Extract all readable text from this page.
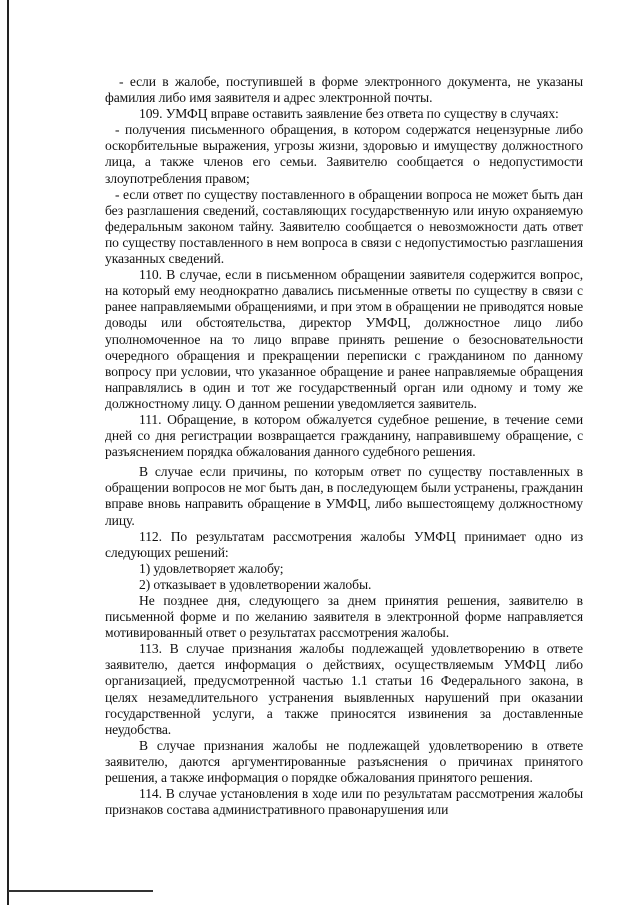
- если в жалобе, поступившей в форме электронного документа, не указаны фамилия либо имя заявителя и адрес электронной почты.

109. УМФЦ вправе оставить заявление без ответа по существу в случаях:

- получения письменного обращения, в котором содержатся нецензурные либо оскорбительные выражения, угрозы жизни, здоровью и имуществу должностного лица, а также членов его семьи. Заявителю сообщается о недопустимости злоупотребления правом;

- если ответ по существу поставленного в обращении вопроса не может быть дан без разглашения сведений, составляющих государственную или иную охраняемую федеральным законом тайну. Заявителю сообщается о невозможности дать ответ по существу поставленного в нем вопроса в связи с недопустимостью разглашения указанных сведений.

110. В случае, если в письменном обращении заявителя содержится вопрос, на который ему неоднократно давались письменные ответы по существу в связи с ранее направляемыми обращениями, и при этом в обращении не приводятся новые доводы или обстоятельства, директор УМФЦ, должностное лицо либо уполномоченное на то лицо вправе принять решение о безосновательности очередного обращения и прекращении переписки с гражданином по данному вопросу при условии, что указанное обращение и ранее направляемые обращения направлялись в один и тот же государственный орган или одному и тому же должностному лицу. О данном решении уведомляется заявитель.

111. Обращение, в котором обжалуется судебное решение, в течение семи дней со дня регистрации возвращается гражданину, направившему обращение, с разъяснением порядка обжалования данного судебного решения.

В случае если причины, по которым ответ по существу поставленных в обращении вопросов не мог быть дан, в последующем были устранены, гражданин вправе вновь направить обращение в УМФЦ, либо вышестоящему должностному лицу.

112. По результатам рассмотрения жалобы УМФЦ принимает одно из следующих решений:

1) удовлетворяет жалобу;

2) отказывает в удовлетворении жалобы.

Не позднее дня, следующего за днем принятия решения, заявителю в письменной форме и по желанию заявителя в электронной форме направляется мотивированный ответ о результатах рассмотрения жалобы.

113. В случае признания жалобы подлежащей удовлетворению в ответе заявителю, дается информация о действиях, осуществляемым УМФЦ либо организацией, предусмотренной частью 1.1 статьи 16 Федерального закона, в целях незамедлительного устранения выявленных нарушений при оказании государственной услуги, а также приносятся извинения за доставленные неудобства.

В случае признания жалобы не подлежащей удовлетворению в ответе заявителю, даются аргументированные разъяснения о причинах принятого решения, а также информация о порядке обжалования принятого решения.

114. В случае установления в ходе или по результатам рассмотрения жалобы признаков состава административного правонарушения или
